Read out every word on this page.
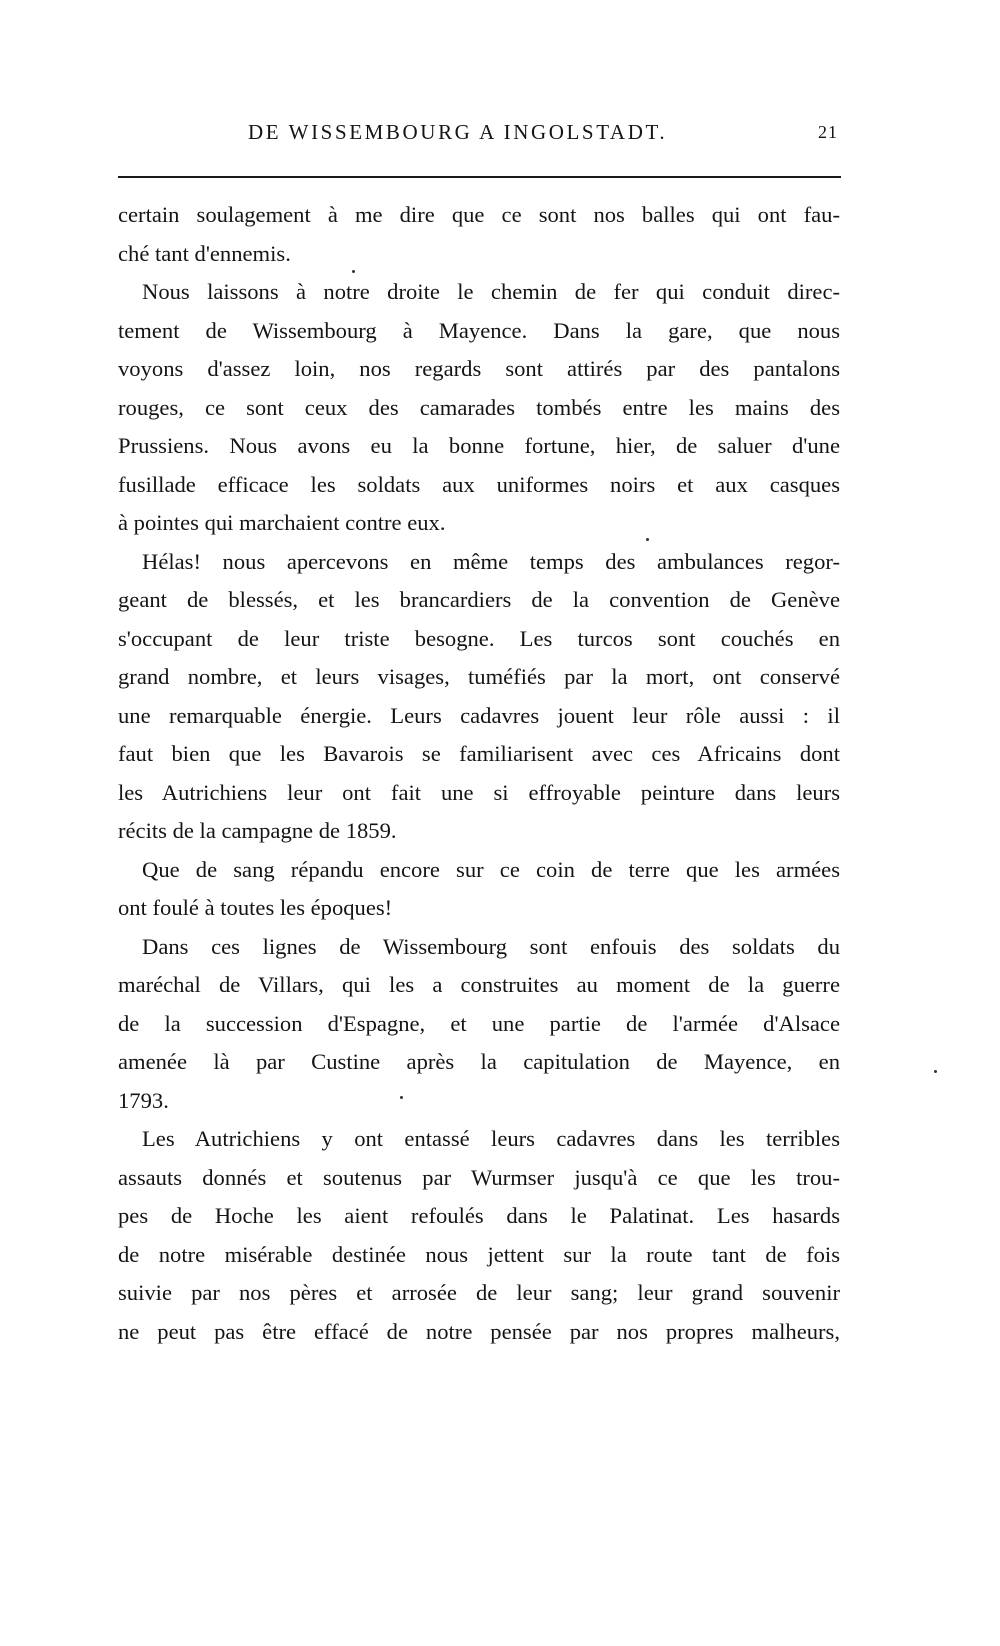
DE WISSEMBOURG A INGOLSTADT.	21
certain soulagement à me dire que ce sont nos balles qui ont fau-
ché tant d'ennemis.
Nous laissons à notre droite le chemin de fer qui conduit direc-
tement de Wissembourg à Mayence. Dans la gare, que nous
voyons d'assez loin, nos regards sont attirés par des pantalons
rouges, ce sont ceux des camarades tombés entre les mains des
Prussiens. Nous avons eu la bonne fortune, hier, de saluer d'une
fusillade efficace les soldats aux uniformes noirs et aux casques
à pointes qui marchaient contre eux.
Hélas! nous apercevons en même temps des ambulances regor-
geant de blessés, et les brancardiers de la convention de Genève
s'occupant de leur triste besogne. Les turcos sont couchés en
grand nombre, et leurs visages, tuméfiés par la mort, ont conservé
une remarquable énergie. Leurs cadavres jouent leur rôle aussi : il
faut bien que les Bavarois se familiarisent avec ces Africains dont
les Autrichiens leur ont fait une si effroyable peinture dans leurs
récits de la campagne de 1859.
Que de sang répandu encore sur ce coin de terre que les armées
ont foulé à toutes les époques!
Dans ces lignes de Wissembourg sont enfouis des soldats du
maréchal de Villars, qui les a construites au moment de la guerre
de la succession d'Espagne, et une partie de l'armée d'Alsace
amenée là par Custine après la capitulation de Mayence, en
1793.
Les Autrichiens y ont entassé leurs cadavres dans les terribles
assauts donnés et soutenus par Wurmser jusqu'à ce que les trou-
pes de Hoche les aient refoulés dans le Palatinat. Les hasards
de notre misérable destinée nous jettent sur la route tant de fois
suivie par nos pères et arrosée de leur sang; leur grand souvenir
ne peut pas être effacé de notre pensée par nos propres malheurs,
